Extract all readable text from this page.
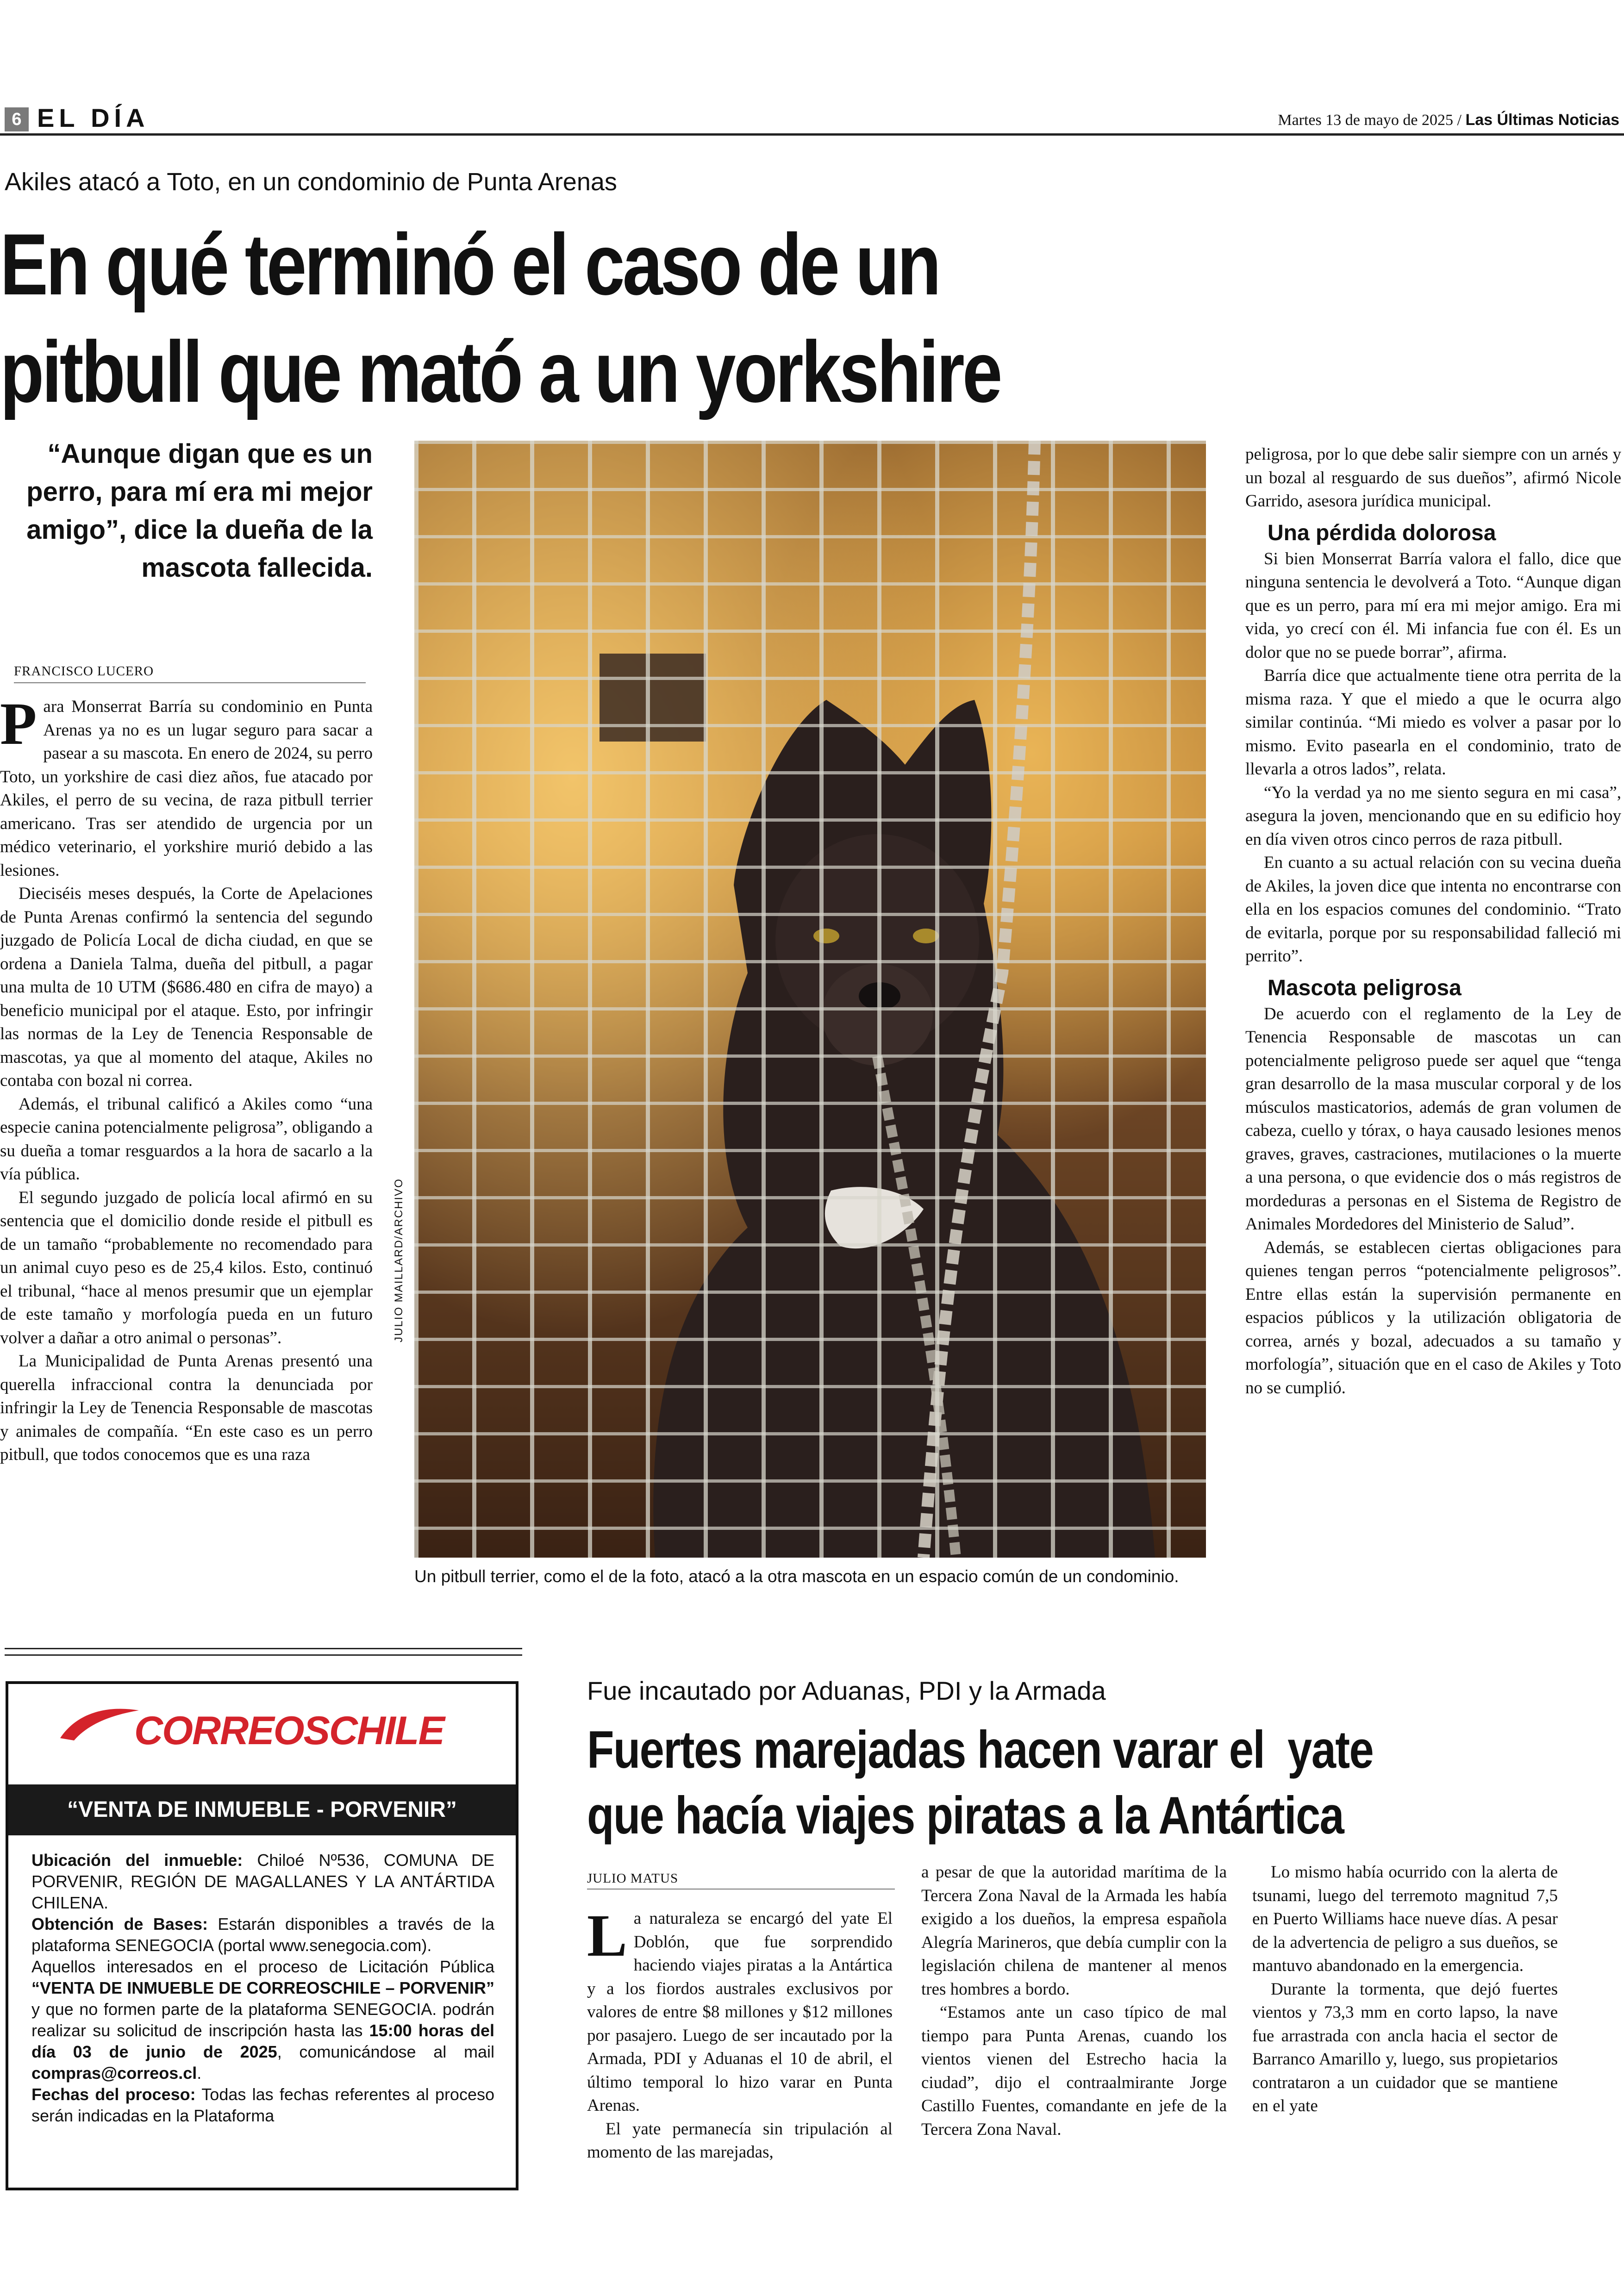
6 EL DÍA	Martes 13 de mayo de 2025 / Las Últimas Noticias
Akiles atacó a Toto, en un condominio de Punta Arenas
En qué terminó el caso de un
pitbull que mató a un yorkshire
“Aunque digan que es un perro, para mí era mi mejor amigo”, dice la dueña de la mascota fallecida.
FRANCISCO LUCERO

Para Monserrat Barría su condominio en Punta Arenas ya no es un lugar seguro para sacar a pasear a su mascota. En enero de 2024, su perro Toto, un yorkshire de casi diez años, fue atacado por Akiles, el perro de su vecina, de raza pitbull terrier americano. Tras ser atendido de urgencia por un médico veterinario, el yorkshire murió debido a las lesiones.

Dieciséis meses después, la Corte de Apelaciones de Punta Arenas confirmó la sentencia del segundo juzgado de Policía Local de dicha ciudad, en que se ordena a Daniela Talma, dueña del pitbull, a pagar una multa de 10 UTM ($686.480 en cifra de mayo) a beneficio municipal por el ataque. Esto, por infringir las normas de la Ley de Tenencia Responsable de mascotas, ya que al momento del ataque, Akiles no contaba con bozal ni correa.

Además, el tribunal calificó a Akiles como “una especie canina potencialmente peligrosa”, obligando a su dueña a tomar resguardos a la hora de sacarlo a la vía pública.

El segundo juzgado de policía local afirmó en su sentencia que el domicilio donde reside el pitbull es de un tamaño “probablemente no recomendado para un animal cuyo peso es de 25,4 kilos. Esto, continuó el tribunal, “hace al menos presumir que un ejemplar de este tamaño y morfología pueda en un futuro volver a dañar a otro animal o personas”.

La Municipalidad de Punta Arenas presentó una querella infraccional contra la denunciada por infringir la Ley de Tenencia Responsable de mascotas y animales de compañía. “En este caso es un perro pitbull, que todos conocemos que es una raza

JULIO MAILLARD/ARCHIVO
Un pitbull terrier, como el de la foto, atacó a la otra mascota en un espacio común de un condominio.

peligrosa, por lo que debe salir siempre con un arnés y un bozal al resguardo de sus dueños”, afirmó Nicole Garrido, asesora jurídica municipal.

Una pérdida dolorosa

Si bien Monserrat Barría valora el fallo, dice que ninguna sentencia le devolverá a Toto. “Aunque digan que es un perro, para mí era mi mejor amigo. Era mi vida, yo crecí con él. Mi infancia fue con él. Es un dolor que no se puede borrar”, afirma.

Barría dice que actualmente tiene otra perrita de la misma raza. Y que el miedo a que le ocurra algo similar continúa. “Mi miedo es volver a pasar por lo mismo. Evito pasearla en el condominio, trato de llevarla a otros lados”, relata.

“Yo la verdad ya no me siento segura en mi casa”, asegura la joven, mencionando que en su edificio hoy en día viven otros cinco perros de raza pitbull.

En cuanto a su actual relación con su vecina dueña de Akiles, la joven dice que intenta no encontrarse con ella en los espacios comunes del condominio. “Trato de evitarla, porque por su responsabilidad falleció mi perrito”.

Mascota peligrosa

De acuerdo con el reglamento de la Ley de Tenencia Responsable de mascotas un can potencialmente peligroso puede ser aquel que “tenga gran desarrollo de la masa muscular corporal y de los músculos masticatorios, además de gran volumen de cabeza, cuello y tórax, o haya causado lesiones menos graves, graves, castraciones, mutilaciones o la muerte a una persona, o que evidencie dos o más registros de mordeduras a personas en el Sistema de Registro de Animales Mordedores del Ministerio de Salud”.

Además, se establecen ciertas obligaciones para quienes tengan perros “potencialmente peligrosos”. Entre ellas están la supervisión permanente en espacios públicos y la utilización obligatoria de correa, arnés y bozal, adecuados a su tamaño y morfología”, situación que en el caso de Akiles y Toto no se cumplió.

CORREOSCHILE
“VENTA DE INMUEBLE - PORVENIR”

Ubicación del inmueble: Chiloé Nº536, COMUNA DE PORVENIR, REGIÓN DE MAGALLANES Y LA ANTÁRTIDA CHILENA.

Obtención de Bases: Estarán disponibles a través de la plataforma SENEGOCIA (portal www.senegocia.com).

Aquellos interesados en el proceso de Licitación Pública “VENTA DE INMUEBLE DE CORREOSCHILE – PORVENIR” y que no formen parte de la plataforma SENEGOCIA. podrán realizar su solicitud de inscripción hasta las 15:00 horas del día 03 de junio de 2025, comunicándose al mail compras@correos.cl.

Fechas del proceso: Todas las fechas referentes al proceso serán indicadas en la Plataforma

Fue incautado por Aduanas, PDI y la Armada
Fuertes marejadas hacen varar el  yate
que hacía viajes piratas a la Antártica
JULIO MATUS

La naturaleza se encargó del yate El Doblón, que fue sorprendido haciendo viajes piratas a la Antártica y a los fiordos australes exclusivos por valores de entre $8 millones y $12 millones por pasajero. Luego de ser incautado por la Armada, PDI y Aduanas el 10 de abril, el último temporal lo hizo varar en Punta Arenas.

El yate permanecía sin tripulación al momento de las marejadas,

a pesar de que la autoridad marítima de la Tercera Zona Naval de la Armada les había exigido a los dueños, la empresa española Alegría Marineros, que debía cumplir con la legislación chilena de mantener al menos tres hombres a bordo.

“Estamos ante un caso típico de mal tiempo para Punta Arenas, cuando los vientos vienen del Estrecho hacia la ciudad”, dijo el contraalmirante Jorge Castillo Fuentes, comandante en jefe de la Tercera Zona Naval.

Lo mismo había ocurrido con la alerta de tsunami, luego del terremoto magnitud 7,5 en Puerto Williams hace nueve días. A pesar de la advertencia de peligro a sus dueños, se mantuvo abandonado en la emergencia.

Durante la tormenta, que dejó fuertes vientos y 73,3 mm en corto lapso, la nave fue arrastrada con ancla hacia el sector de Barranco Amarillo y, luego, sus propietarios contrataron a un cuidador que se mantiene en el yate
